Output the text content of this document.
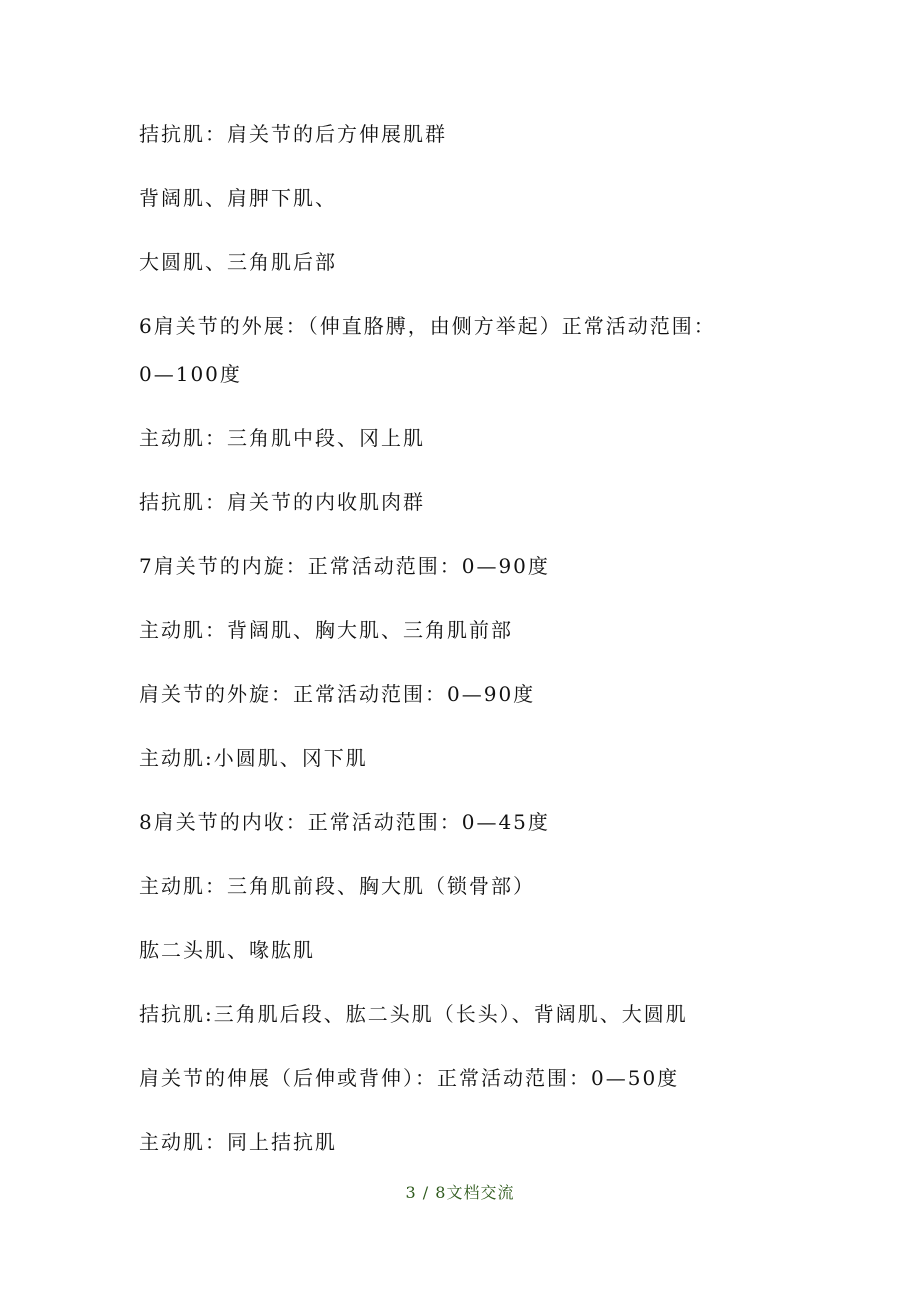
拮抗肌：肩关节的后方伸展肌群
背阔肌、肩胛下肌、
大圆肌、三角肌后部
6肩关节的外展：（伸直胳膊，由侧方举起）正常活动范围：
0—100度
主动肌：三角肌中段、冈上肌
拮抗肌：肩关节的内收肌肉群
7肩关节的内旋：正常活动范围：0—90度
主动肌：背阔肌、胸大肌、三角肌前部
肩关节的外旋：正常活动范围：0—90度
主动肌:小圆肌、冈下肌
8肩关节的内收：正常活动范围：0—45度
主动肌：三角肌前段、胸大肌（锁骨部）
肱二头肌、喙肱肌
拮抗肌:三角肌后段、肱二头肌（长头）、背阔肌、大圆肌
肩关节的伸展（后伸或背伸）：正常活动范围：0—50度
主动肌：同上拮抗肌
3 / 8文档交流
